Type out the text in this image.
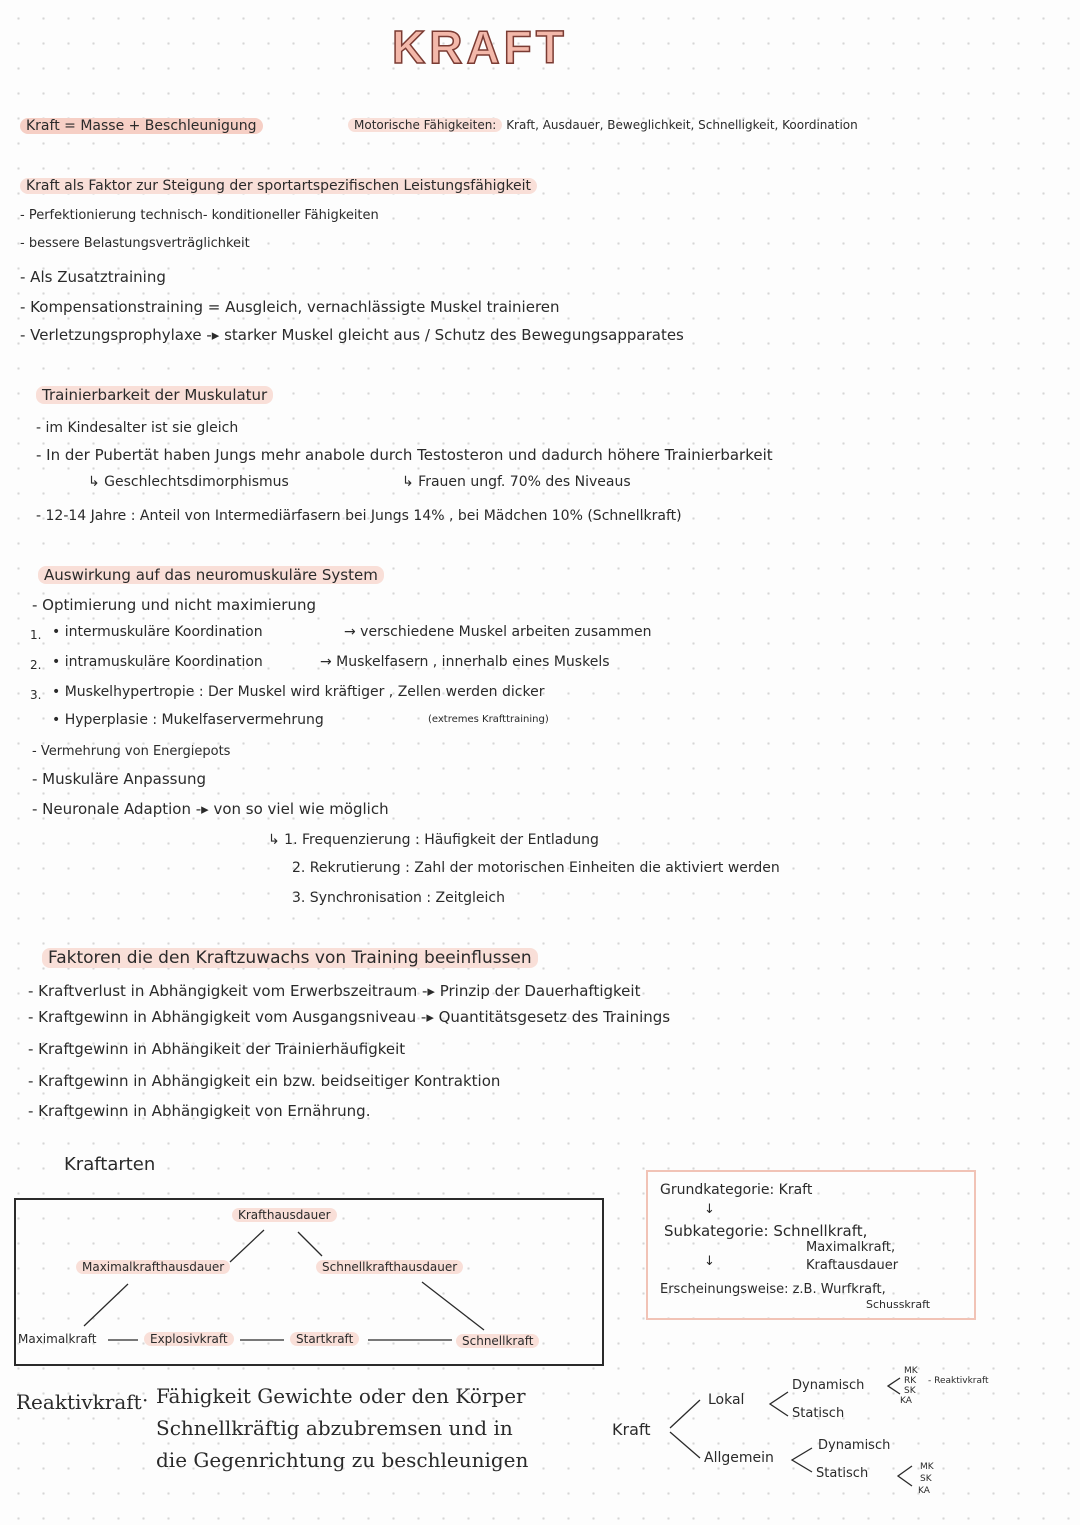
KRAFT
Kraft = Masse + Beschleunigung	Motorische Fähigkeiten: Kraft, Ausdauer, Beweglichkeit, Schnelligkeit, Koordination
Kraft als Faktor zur Steigung der sportartspezifischen Leistungsfähigkeit
- Perfektionierung technisch- konditioneller Fähigkeiten
- bessere Belastungsverträglichkeit
- Als Zusatztraining
- Kompensationstraining = Ausgleich, vernachlässigte Muskel trainieren
- Verletzungsprophylaxe -▸ starker Muskel gleicht aus / Schutz des Bewegungsapparates
Trainierbarkeit der Muskulatur
- im Kindesalter ist sie gleich
- In der Pubertät haben Jungs mehr anabole durch Testosteron und dadurch höhere Trainierbarkeit
↳ Geschlechtsdimorphismus	↳ Frauen ungf. 70% des Niveaus
- 12-14 Jahre : Anteil von Intermediärfasern bei Jungs 14% , bei Mädchen 10% (Schnellkraft)
Auswirkung auf das neuromuskuläre System
- Optimierung und nicht maximierung
1. • intermuskuläre Koordination	→ verschiedene Muskel arbeiten zusammen
2. • intramuskuläre Koordination	→ Muskelfasern , innerhalb eines Muskels
3. • Muskelhypertropie : Der Muskel wird kräftiger , Zellen werden dicker
• Hyperplasie : Mukelfaservermehrung	(extremes Krafttraining)
- Vermehrung von Energiepots
- Muskuläre Anpassung
- Neuronale Adaption -▸ von so viel wie möglich
↳ 1. Frequenzierung : Häufigkeit der Entladung
2. Rekrutierung : Zahl der motorischen Einheiten die aktiviert werden
3. Synchronisation : Zeitgleich
Faktoren die den Kraftzuwachs von Training beeinflussen
- Kraftverlust in Abhängigkeit vom Erwerbszeitraum -▸ Prinzip der Dauerhaftigkeit
- Kraftgewinn in Abhängigkeit vom Ausgangsniveau -▸ Quantitätsgesetz des Trainings
- Kraftgewinn in Abhängikeit der Trainierhäufigkeit
- Kraftgewinn in Abhängigkeit ein bzw. beidseitiger Kontraktion
- Kraftgewinn in Abhängigkeit von Ernährung.
Kraftarten
Krafthausdauer
Maximalkrafthausdauer	Schnellkrafthausdauer
Maximalkraft	Explosivkraft	Startkraft	Schnellkraft
Grundkategorie: Kraft
↓
Subkategorie: Schnellkraft,
Maximalkraft,
Kraftausdauer
↓
Erscheinungsweise: z.B. Wurfkraft,
Schusskraft
Reaktivkraft · Fähigkeit Gewichte oder den Körper
Schnellkräftig abzubremsen und in
die Gegenrichtung zu beschleunigen
Kraft
Lokal
Allgemein
Dynamisch
Statisch
Dynamisch
Statisch
MK
RK - Reaktivkraft
SK
KA
MK
SK
KA
